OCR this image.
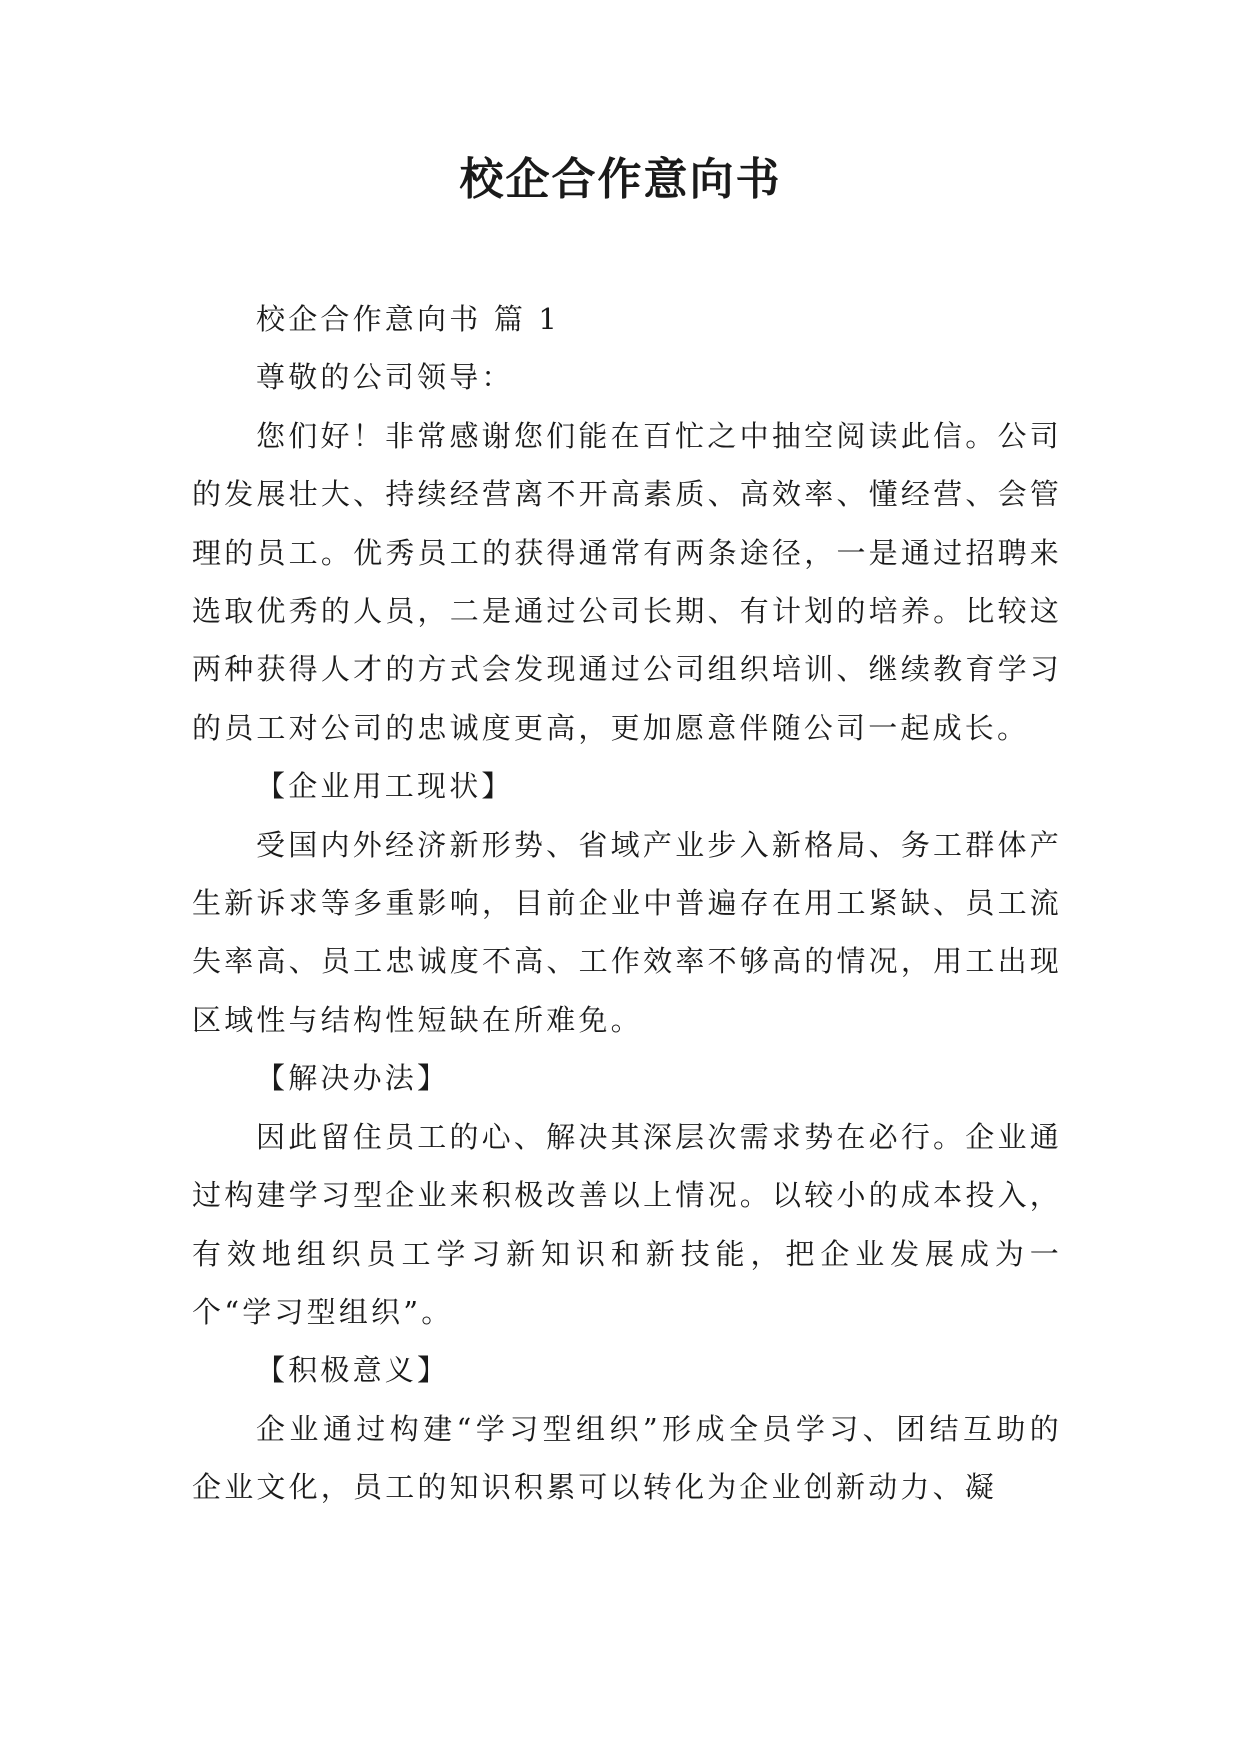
校企合作意向书

校企合作意向书 篇 1

尊敬的公司领导：

您们好！非常感谢您们能在百忙之中抽空阅读此信。公司的发展壮大、持续经营离不开高素质、高效率、懂经营、会管理的员工。优秀员工的获得通常有两条途径，一是通过招聘来选取优秀的人员，二是通过公司长期、有计划的培养。比较这两种获得人才的方式会发现通过公司组织培训、继续教育学习的员工对公司的忠诚度更高，更加愿意伴随公司一起成长。

【企业用工现状】

受国内外经济新形势、省域产业步入新格局、务工群体产生新诉求等多重影响，目前企业中普遍存在用工紧缺、员工流失率高、员工忠诚度不高、工作效率不够高的情况，用工出现区域性与结构性短缺在所难免。

【解决办法】

因此留住员工的心、解决其深层次需求势在必行。企业通过构建学习型企业来积极改善以上情况。以较小的成本投入，有效地组织员工学习新知识和新技能，把企业发展成为一个“学习型组织”。

【积极意义】

企业通过构建“学习型组织”形成全员学习、团结互助的企业文化，员工的知识积累可以转化为企业创新动力、凝
